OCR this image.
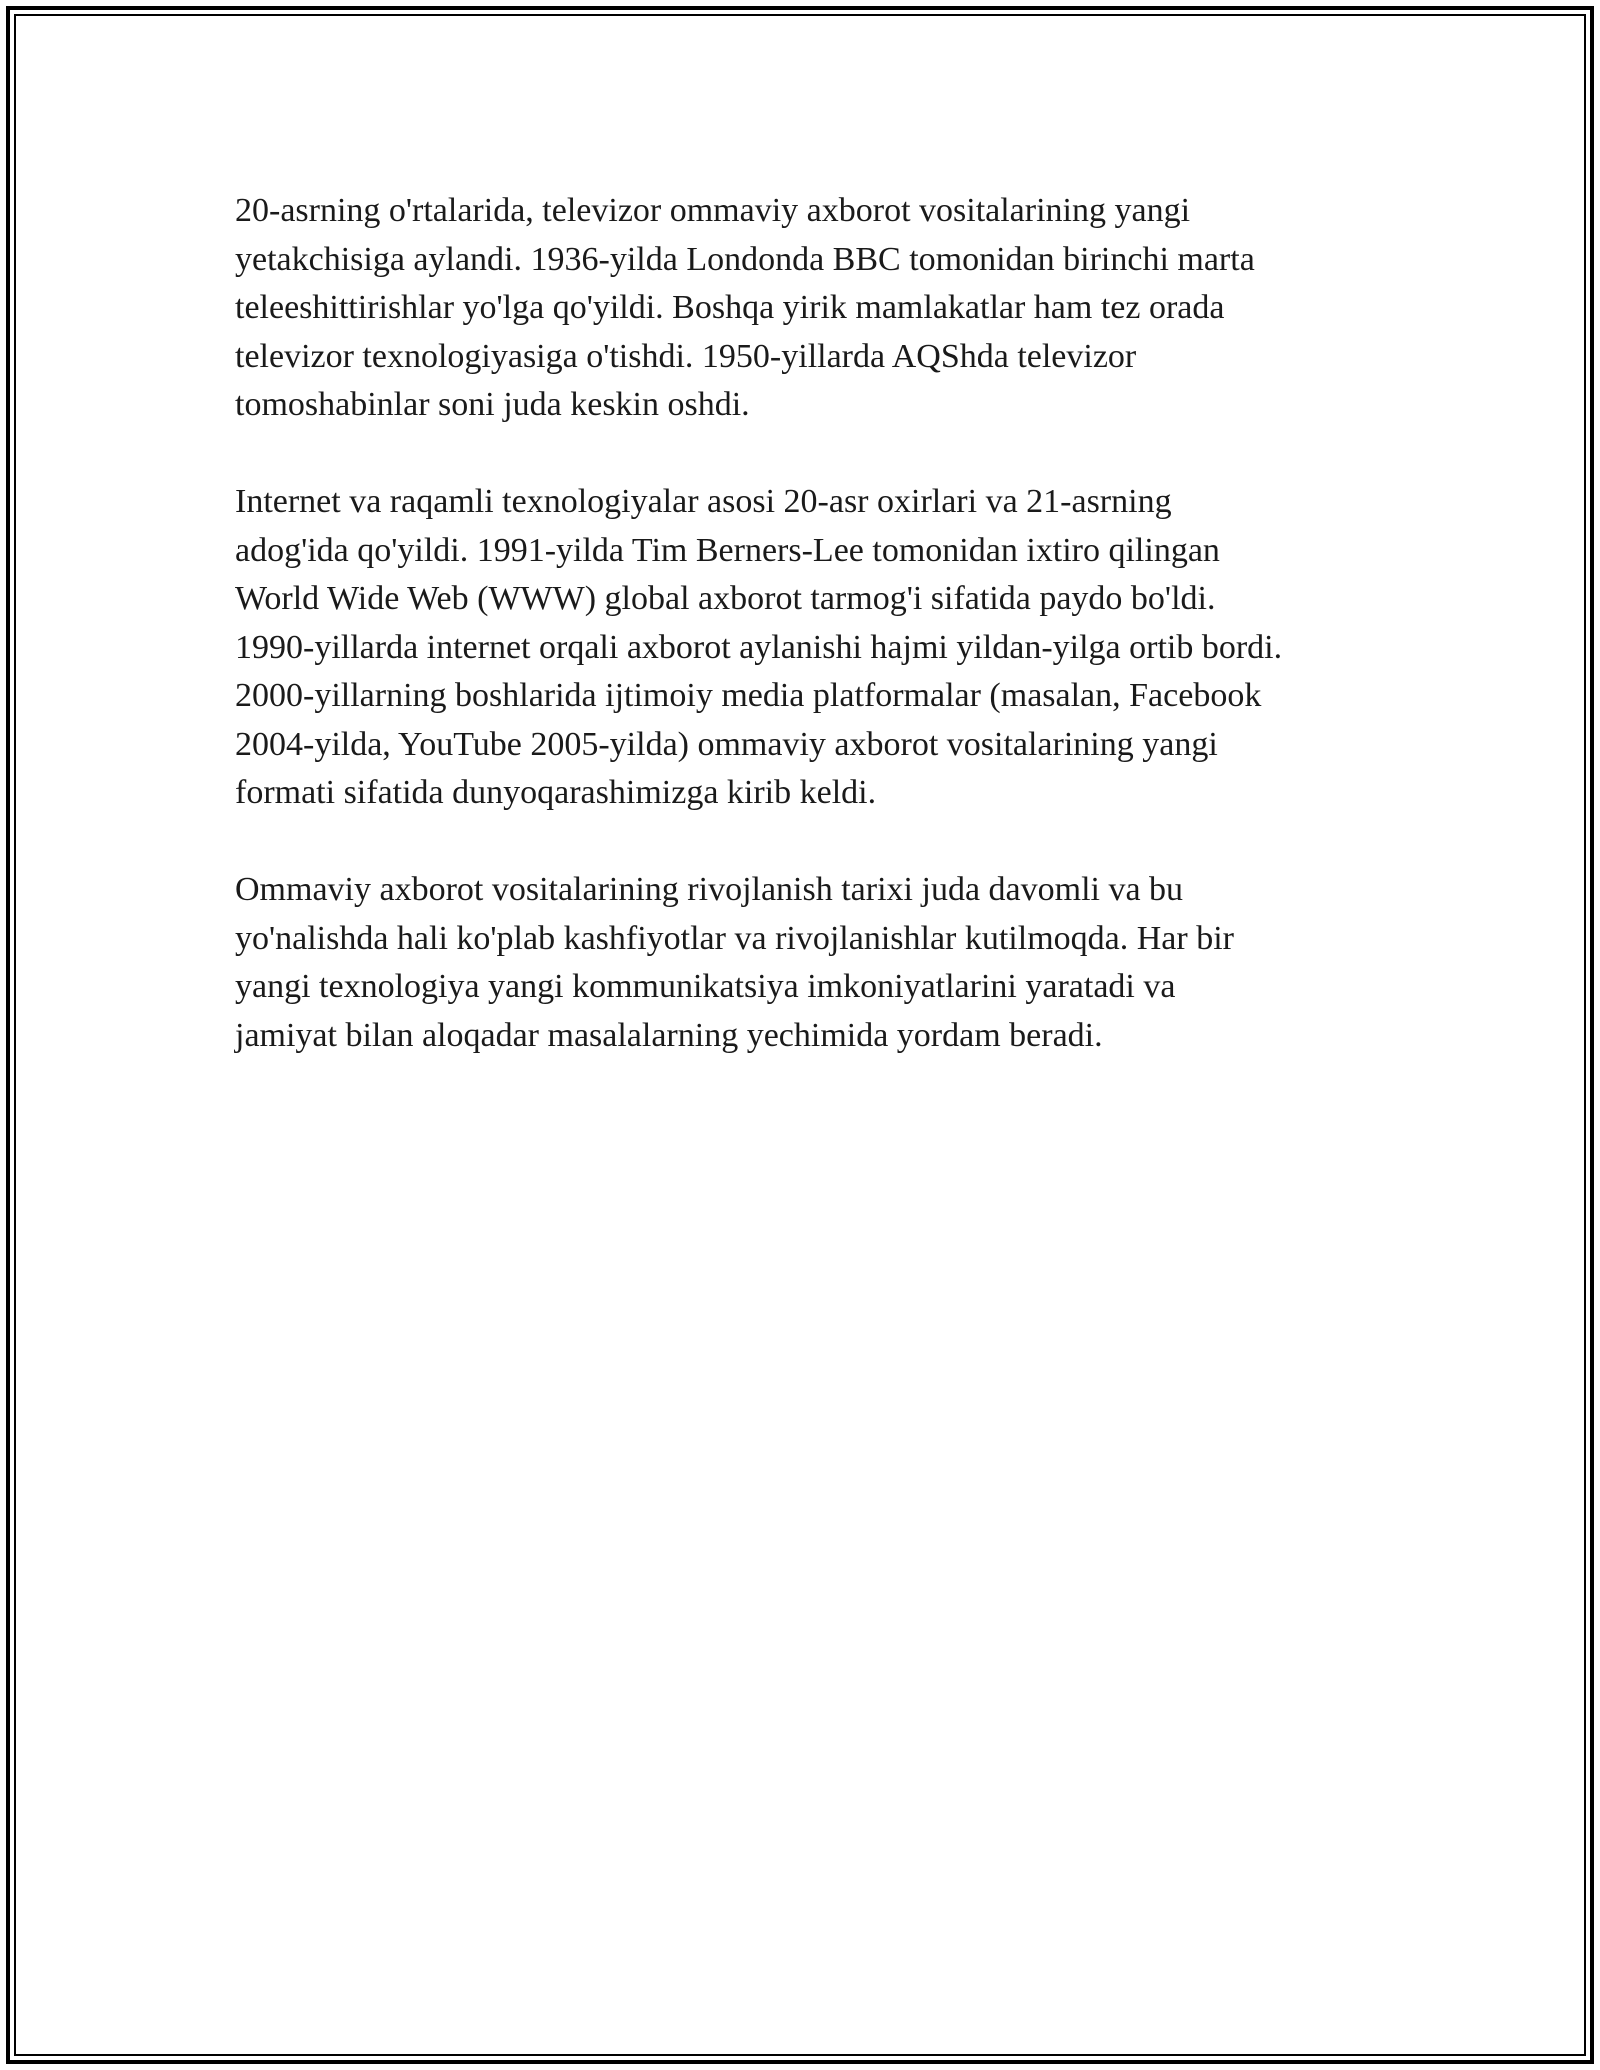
20-asrning o'rtalarida, televizor ommaviy axborot vositalarining yangi
yetakchisiga aylandi. 1936-yilda Londonda BBC tomonidan birinchi marta
teleeshittirishlar yo'lga qo'yildi. Boshqa yirik mamlakatlar ham tez orada
televizor texnologiyasiga o'tishdi. 1950-yillarda AQShda televizor
tomoshabinlar soni juda keskin oshdi.

Internet va raqamli texnologiyalar asosi 20-asr oxirlari va 21-asrning
adog'ida qo'yildi. 1991-yilda Tim Berners-Lee tomonidan ixtiro qilingan
World Wide Web (WWW) global axborot tarmog'i sifatida paydo bo'ldi.
1990-yillarda internet orqali axborot aylanishi hajmi yildan-yilga ortib bordi.
2000-yillarning boshlarida ijtimoiy media platformalar (masalan, Facebook
2004-yilda, YouTube 2005-yilda) ommaviy axborot vositalarining yangi
formati sifatida dunyoqarashimizga kirib keldi.

Ommaviy axborot vositalarining rivojlanish tarixi juda davomli va bu
yo'nalishda hali ko'plab kashfiyotlar va rivojlanishlar kutilmoqda. Har bir
yangi texnologiya yangi kommunikatsiya imkoniyatlarini yaratadi va
jamiyat bilan aloqadar masalalarning yechimida yordam beradi.
